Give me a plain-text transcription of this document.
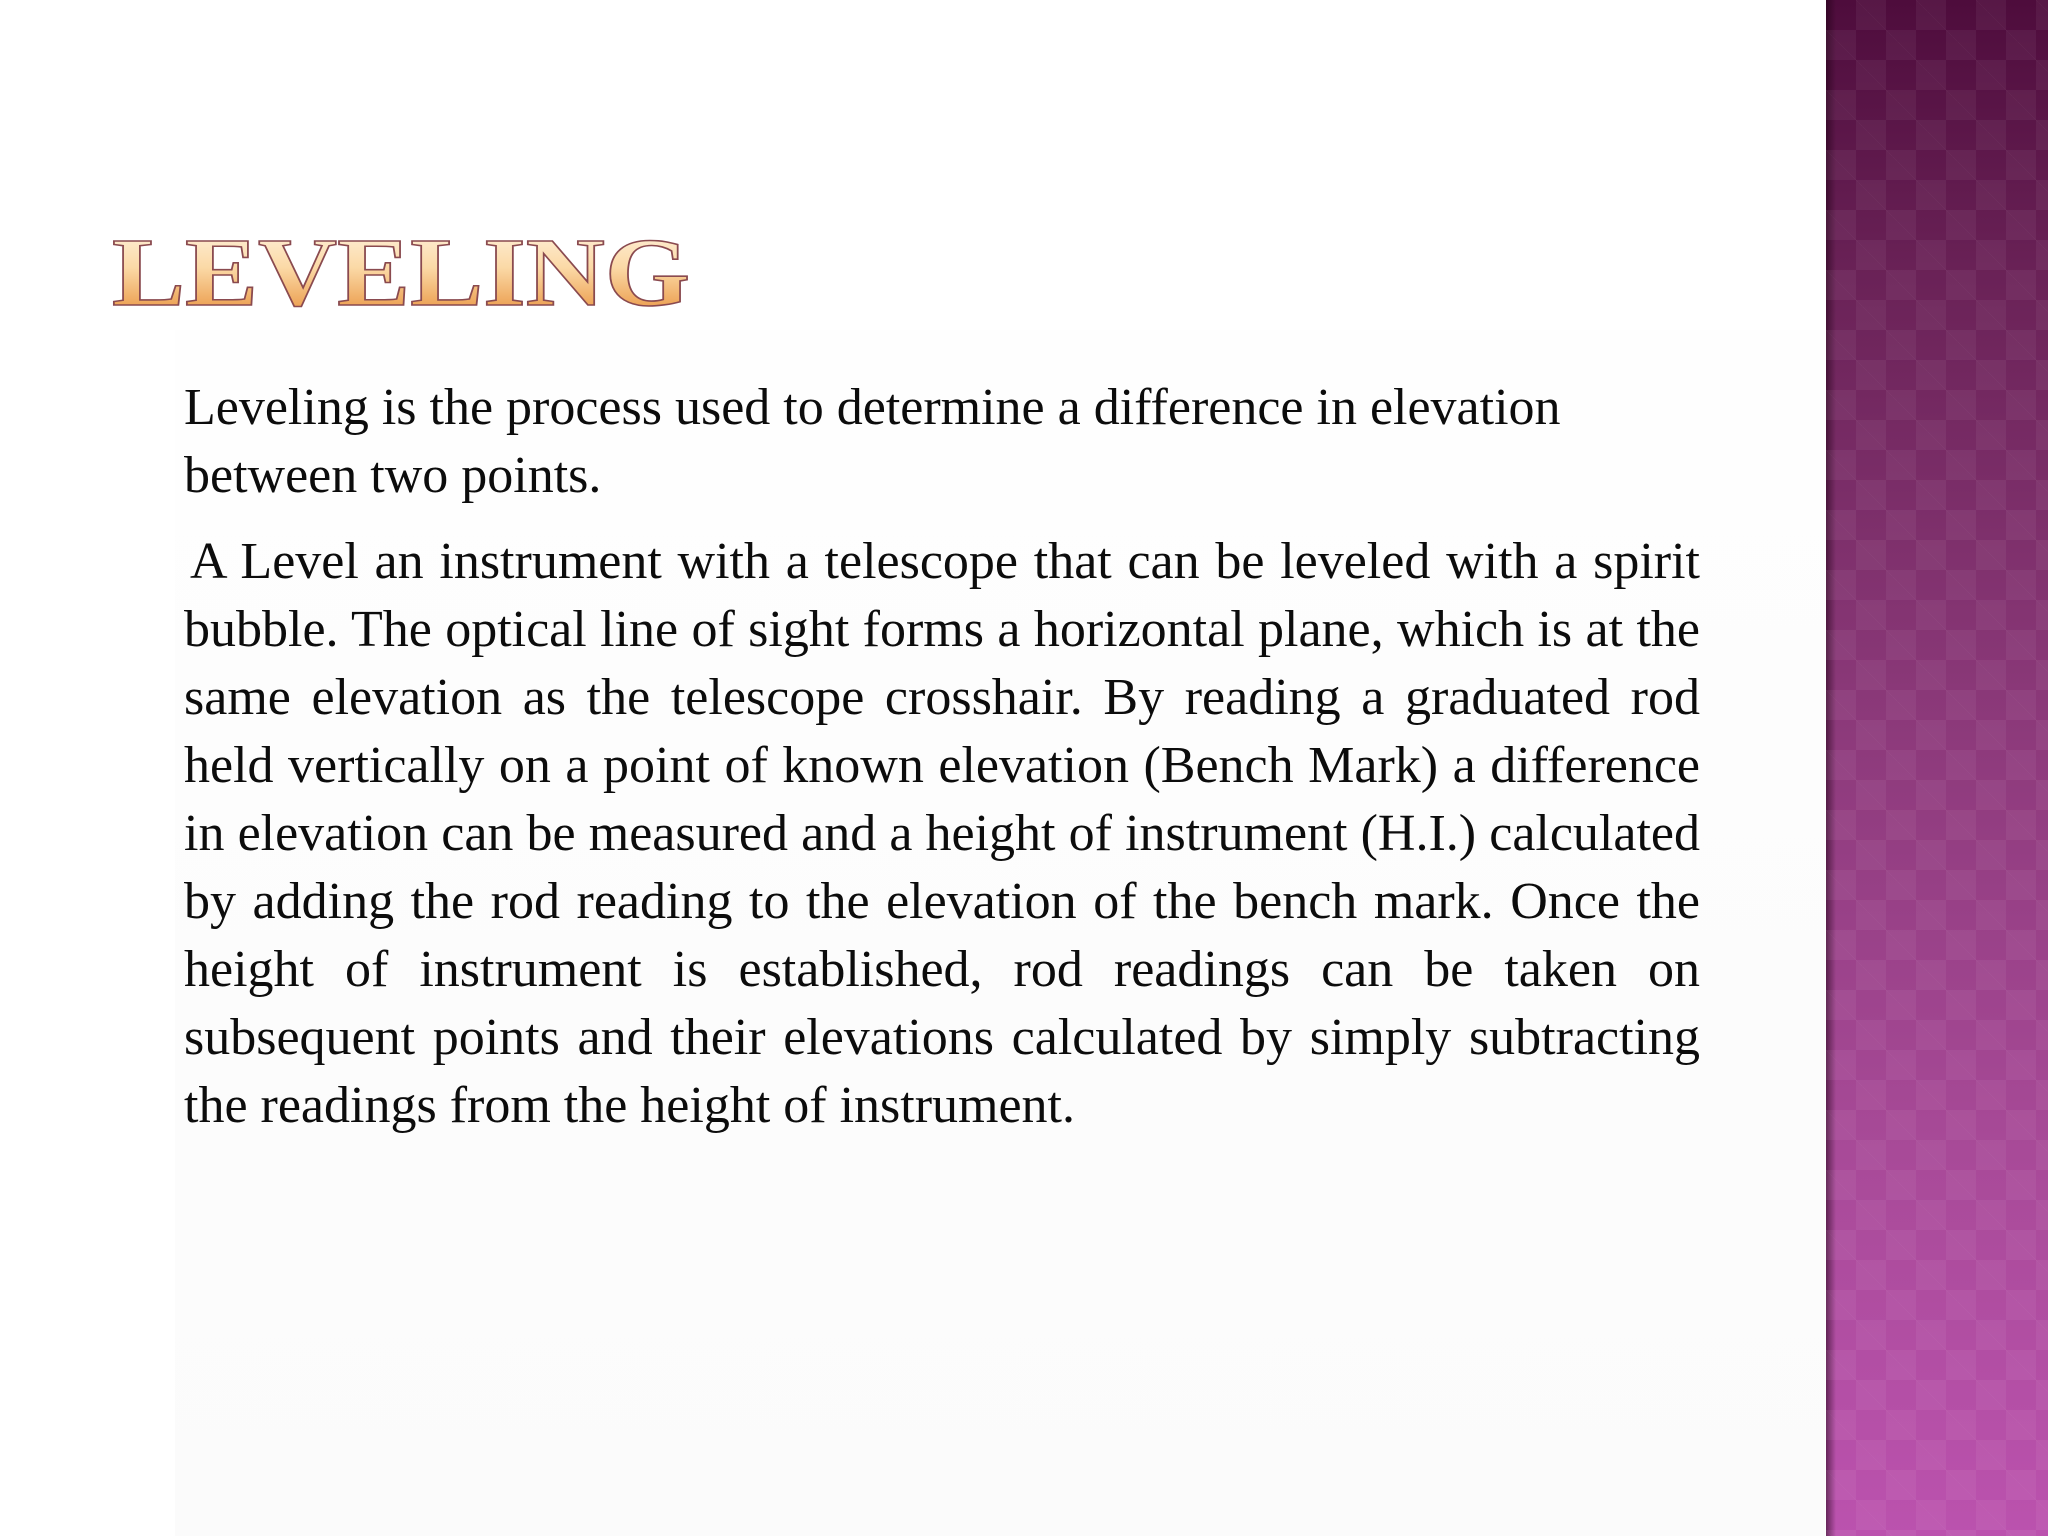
LEVELING

Leveling is the process used to determine a difference in elevation between two points.

A Level an instrument with a telescope that can be leveled with a spirit bubble. The optical line of sight forms a horizontal plane, which is at the same elevation as the telescope crosshair. By reading a graduated rod held vertically on a point of known elevation (Bench Mark) a difference in elevation can be measured and a height of instrument (H.I.) calculated by adding the rod reading to the elevation of the bench mark. Once the height of instrument is established, rod readings can be taken on subsequent points and their elevations calculated by simply subtracting the readings from the height of instrument.
